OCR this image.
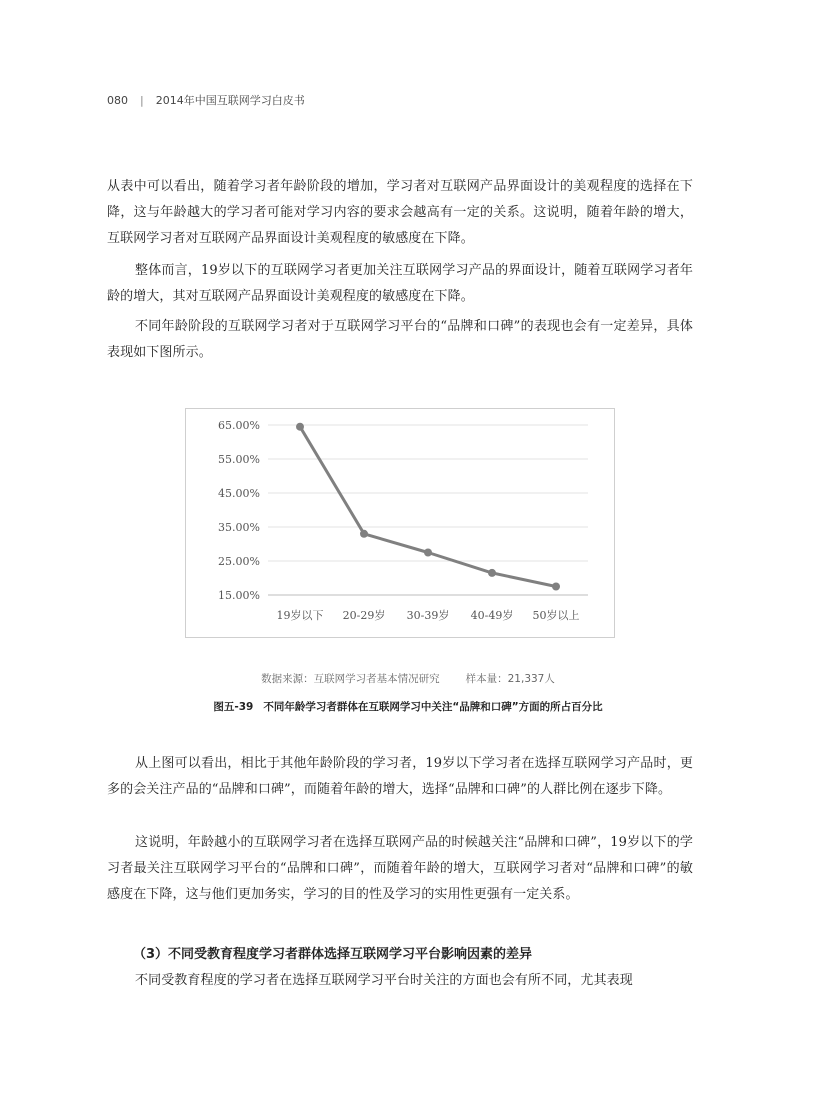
080 | 2014年中国互联网学习白皮书

从表中可以看出，随着学习者年龄阶段的增加，学习者对互联网产品界面设计的美观程度的选择在下降，这与年龄越大的学习者可能对学习内容的要求会越高有一定的关系。这说明，随着年龄的增大，互联网学习者对互联网产品界面设计美观程度的敏感度在下降。

整体而言，19岁以下的互联网学习者更加关注互联网学习产品的界面设计，随着互联网学习者年龄的增大，其对互联网产品界面设计美观程度的敏感度在下降。

不同年龄阶段的互联网学习者对于互联网学习平台的“品牌和口碑”的表现也会有一定差异，具体表现如下图所示。

15.00%
25.00%
35.00%
45.00%
55.00%
65.00%
19岁以下 20-29岁 30-39岁 40-49岁 50岁以上
数据来源：互联网学习者基本情况研究 样本量：21,337人
图五-39 不同年龄学习者群体在互联网学习中关注“品牌和口碑”方面的所占百分比

从上图可以看出，相比于其他年龄阶段的学习者，19岁以下学习者在选择互联网学习产品时，更多的会关注产品的“品牌和口碑”，而随着年龄的增大，选择“品牌和口碑”的人群比例在逐步下降。

这说明，年龄越小的互联网学习者在选择互联网产品的时候越关注“品牌和口碑”，19岁以下的学习者最关注互联网学习平台的“品牌和口碑”，而随着年龄的增大，互联网学习者对“品牌和口碑”的敏感度在下降，这与他们更加务实，学习的目的性及学习的实用性更强有一定关系。

（3）不同受教育程度学习者群体选择互联网学习平台影响因素的差异

不同受教育程度的学习者在选择互联网学习平台时关注的方面也会有所不同，尤其表现
